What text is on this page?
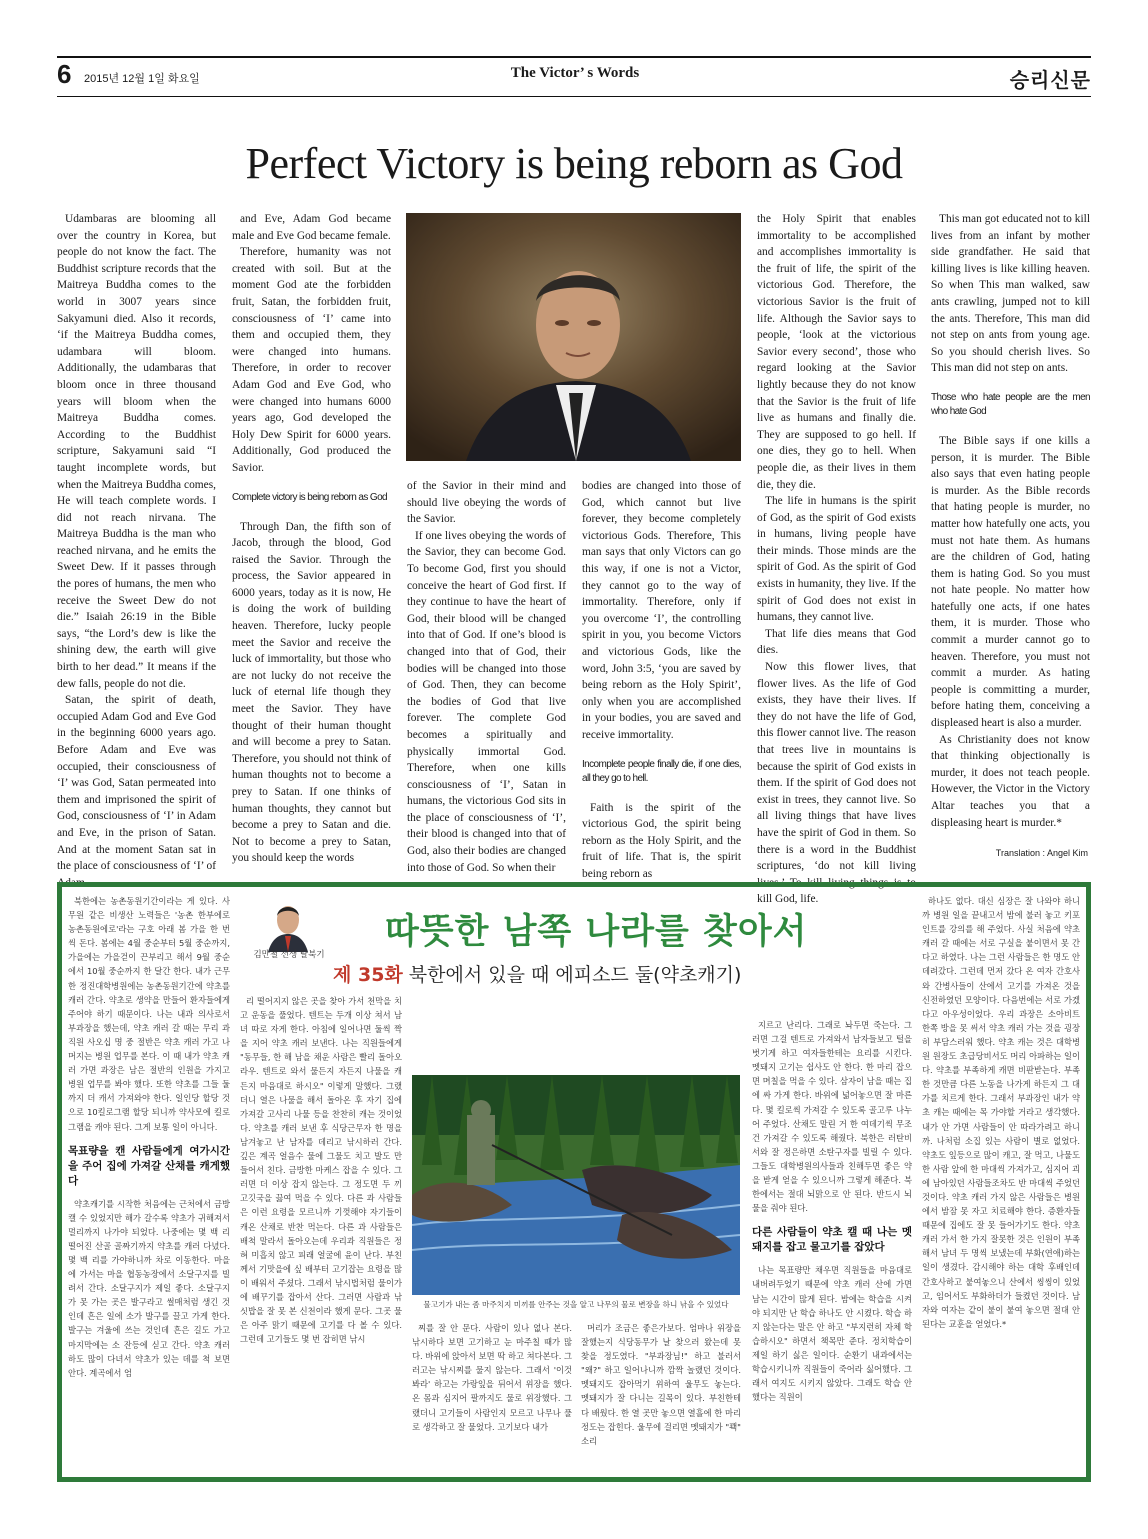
6 2015년 12월 1일 화요일	The Victor’ s Words	승리신문
Perfect Victory is being reborn as God

Udambaras are blooming all over the country in Korea, but people do not know the fact. The Buddhist scripture records that the Maitreya Buddha comes to the world in 3007 years since Sakyamuni died. Also it records, ‘if the Maitreya Buddha comes, udambara will bloom. Additionally, the udambaras that bloom once in three thousand years will bloom when the Maitreya Buddha comes. According to the Buddhist scripture, Sakyamuni said “I taught incomplete words, but when the Maitreya Buddha comes, He will teach complete words. I did not reach nirvana. The Maitreya Buddha is the man who reached nirvana, and he emits the Sweet Dew. If it passes through the pores of humans, the men who receive the Sweet Dew do not die.” Isaiah 26:19 in the Bible says, “the Lord’s dew is like the shining dew, the earth will give birth to her dead.” It means if the dew falls, people do not die.

Satan, the spirit of death, occupied Adam God and Eve God in the beginning 6000 years ago. Before Adam and Eve was occupied, their consciousness of ‘I’ was God, Satan permeated into them and imprisoned the spirit of God, consciousness of ‘I’ in Adam and Eve, in the prison of Satan. And at the moment Satan sat in the place of consciousness of ‘I’ of Adam

and Eve, Adam God became male and Eve God became female.

Therefore, humanity was not created with soil. But at the moment God ate the forbidden fruit, Satan, the forbidden fruit, consciousness of ‘I’ came into them and occupied them, they were changed into humans. Therefore, in order to recover Adam God and Eve God, who were changed into humans 6000 years ago, God developed the Holy Dew Spirit for 6000 years. Additionally, God produced the Savior.

Complete victory is being reborn as God

Through Dan, the fifth son of Jacob, through the blood, God raised the Savior. Through the process, the Savior appeared in 6000 years, today as it is now, He is doing the work of building heaven. Therefore, lucky people meet the Savior and receive the luck of immortality, but those who are not lucky do not receive the luck of eternal life though they meet the Savior. They have thought of their human thought and will become a prey to Satan. Therefore, you should not think of human thoughts not to become a prey to Satan. If one thinks of human thoughts, they cannot but become a prey to Satan and die. Not to become a prey to Satan, you should keep the words

of the Savior in their mind and should live obeying the words of the Savior.

If one lives obeying the words of the Savior, they can become God. To become God, first you should conceive the heart of God first. If they continue to have the heart of God, their blood will be changed into that of God. If one’s blood is changed into that of God, their bodies will be changed into those of God. Then, they can become the bodies of God that live forever. The complete God becomes a spiritually and physically immortal God. Therefore, when one kills consciousness of ‘I’, Satan in humans, the victorious God sits in the place of consciousness of ‘I’, their blood is changed into that of God, also their bodies are changed into those of God. So when their

bodies are changed into those of God, which cannot but live forever, they become completely victorious Gods. Therefore, This man says that only Victors can go this way, if one is not a Victor, they cannot go to the way of immortality. Therefore, only if you overcome ‘I’, the controlling spirit in you, you become Victors and victorious Gods, like the word, John 3:5, ‘you are saved by being reborn as the Holy Spirit’, only when you are accomplished in your bodies, you are saved and receive immortality.

Incomplete people finally die, if one dies, all they go to hell.

Faith is the spirit of the victorious God, the spirit being reborn as the Holy Spirit, and the fruit of life. That is, the spirit being reborn as

the Holy Spirit that enables immortality to be accomplished and accomplishes immortality is the fruit of life, the spirit of the victorious God. Therefore, the victorious Savior is the fruit of life. Although the Savior says to people, ‘look at the victorious Savior every second’, those who regard looking at the Savior lightly because they do not know that the Savior is the fruit of life live as humans and finally die. They are supposed to go hell. If one dies, they go to hell. When people die, as their lives in them die, they die.

The life in humans is the spirit of God, as the spirit of God exists in humans, living people have their minds. Those minds are the spirit of God. As the spirit of God exists in humanity, they live. If the spirit of God does not exist in humans, they cannot live.

That life dies means that God dies.

Now this flower lives, that flower lives. As the life of God exists, they have their lives. If they do not have the life of God, this flower cannot live. The reason that trees live in mountains is because the spirit of God exists in them. If the spirit of God does not exist in trees, they cannot live. So all living things that have lives have the spirit of God in them. So there is a word in the Buddhist scriptures, ‘do not kill living lives.’ To kill living things is to kill God, life.

This man got educated not to kill lives from an infant by mother side grandfather. He said that killing lives is like killing heaven. So when This man walked, saw ants crawling, jumped not to kill the ants. Therefore, This man did not step on ants from young age. So you should cherish lives. So This man did not step on ants.

Those who hate people are the men who hate God

The Bible says if one kills a person, it is murder. The Bible also says that even hating people is murder. As the Bible records that hating people is murder, no matter how hatefully one acts, you must not hate them. As humans are the children of God, hating them is hating God. So you must not hate people. No matter how hatefully one acts, if one hates them, it is murder. Those who commit a murder cannot go to heaven. Therefore, you must not commit a murder. As hating people is committing a murder, before hating them, conceiving a displeased heart is also a murder.

As Christianity does not know that thinking objectionally is murder, it does not teach people. However, the Victor in the Victory Altar teaches you that a displeasing heart is murder.*

Translation : Angel Kim
김만철 선생 탈북기
따뜻한 남쪽 나라를 찾아서
제 35화 북한에서 있을 때 에피소드 둘(약초캐기)

북한에는 농촌동원기간이라는 게 있다. 사무원 같은 비생산 노력들은 '농촌 한부에로 농촌동원에로'라는 구호 아래 봄 가을 한 번씩 돈다. 봄에는 4월 중순부터 5월 중순까지, 가을에는 가을걷이 끈부리고 해서 9월 중순에서 10월 중순까지 한 달간 한다. 내가 근무한 정진대학병원에는 농촌동원기간에 약초를 캐러 간다. 약초로 생약을 만들어 환자들에게 주어야 하기 때문이다. 나는 내과 의사로서 부과장을 했는데, 약초 캐러 갈 때는 무리 과 직원 사오십 명 중 절반은 약초 캐러 가고 나머지는 병원 업무를 본다. 이 때 내가 약초 캐러 가면 과장은 남은 절반의 인원을 가지고 병원 업무를 봐야 했다. 또한 약초를 그들 둘까지 더 캐서 가져와야 한다. 일인당 할당 것으로 10킬로그램 할당 되니까 약사모에 킬로그램을 캐야 된다. 그게 보통 일이 아니다.

목표량을 캔 사람들에게 여가시간을 주어 집에 가져갈 산채를 캐게했다

약초캐기를 시작한 처음에는 근처에서 금방 캘 수 있었지만 해가 갈수록 약초가 귀해져서 멀리까지 나가야 되었다. 나중에는 몇 백 리 떨어진 산골 골짜기까지 약초를 캐러 다녔다. 몇 백 리를 가야하니까 차로 이동한다. 마을에 가서는 마을 협동농장에서 소달구지를 빌려서 간다. 소달구지가 제일 좋다. 소달구지가 못 가는 곳은 발구라고 썰매처럼 생긴 것인데 흔은 일에 소가 발구를 끌고 가게 한다. 발구는 겨울에 쓰는 것인데 흔은 길도 가고 마지막에는 소 잔등에 싣고 간다. 약초 캐러 하도 많이 다녀서 약초가 있는 데를 척 보면 안다. 계곡에서 엄

리 떨어지지 않은 곳을 찾아 가서 천막을 치고 운동을 풀었다. 텐트는 두개 이상 쳐서 남녀 따로 자게 한다. 아침에 일어나면 둘씩 짝을 지어 약초 캐러 보낸다. 나는 직원들에게 "동무들, 한 해 남을 채운 사람은 빨리 돌아오라우. 텐트로 와서 물든지 자든지 나물을 캐든지 마음대로 하시오" 이렇게 말했다. 그랬더니 열은 나물을 해서 돌아온 후 자기 집에 가져갈 고사리 나물 등을 찬찬히 캐는 것이었다. 약초를 캐러 보낸 후 식당근무자 한 명을 남겨놓고 난 남자를 데리고 낚시하러 간다. 깊은 계곡 얼음수 물에 그물도 치고 발도 만들어서 친다. 금방한 마케스 잡을 수 있다. 그러면 더 이상 잡지 않는다. 그 정도면 두 끼 고깃국을 끓여 먹을 수 있다. 다른 과 사람들은 이런 요령을 모르니까 기껏해야 자기들이 캐온 산채로 반찬 먹는다. 다른 과 사람들은 배척 말라서 돌아오는데 우리과 직원들은 정혀 미흡치 않고 피래 얼굴에 윤이 난다. 부친께서 기맛을에 싶 배부터 고기잡는 요령을 많이 배워서 주셨다. 그래서 낚시법처럼 물이가에 배꾸기를 잡아서 산다. 그러면 사람과 낚싯밥을 잘 못 본 신천이라 했게 문다. 그곳 물은 아주 맑기 때문에 고기를 다 볼 수 있다. 그런데 고기들도 몇 번 잡히면 낚시

물고기가 내는 좀 마주치지 미끼를 안주는 것을 알고 나무의 물로 변장을 하니 낚을 수 있었다

찌를 잘 안 문다. 사람이 있나 없나 본다. 낚시하다 보면 고기하고 눈 마주칠 때가 많다. 바위에 앉아서 보면 딱 하고 쳐다본다. 그러고는 낚시찌를 물지 않는다. 그래서 '이것 봐라' 하고는 가랑잎을 뒤어서 위장을 했다. 온 몸과 심지어 팔까지도 물로 위장했다. 그랬더니 고기들이 사람인지 모르고 나무나 풀로 생각하고 잘 물었다. 고기보다 내가

머리가 조금은 좋은가보다. 엄마나 위장을 잘했는지 식당동무가 날 찾으러 왔는데 못 찾을 정도였다. "부과장님!" 하고 불러서 "왜?" 하고 일어나니까 깜짝 놀랬던 것이다. 멧돼지도 잡아먹기 위하여 울무도 놓는다. 멧돼지가 잘 다니는 길목이 있다. 부친한테 다 배웠다. 한 열 곳만 놓으면 열흘에 한 마리 정도는 잡힌다. 울무에 걸리면 멧돼지가 "꽥" 소리

지르고 난리다. 그래로 놔두면 죽는다. 그러면 그걸 텐트로 가져와서 남자들보고 털을 벗기게 하고 여자들한테는 요리를 시킨다. 멧돼지 고기는 쉽사도 안 한다. 한 마리 잡으면 며칠을 먹을 수 있다. 삼자이 남을 때는 집에 싸 가게 한다. 바위에 넓어놓으면 잘 마른다. 몇 킬로씩 가져갈 수 있도록 골고루 나누어 주었다. 산채도 말린 거 한 여데기씩 무조건 가져갈 수 있도록 해줬다. 북한은 러탄비서와 잘 정은하면 소탄구자를 빌릴 수 있다. 그들도 대학병원의사들과 친해두면 좋은 약을 받게 얻을 수 있으니까 그렇게 해준다. 북한에서는 절대 뇌맑으로 안 된다. 반드시 뇌물을 줘야 된다.

다른 사람들이 약초 캘 때 나는 멧돼지를 잡고 물고기를 잡았다

나는 목표량만 채우면 직원들을 마음대로 내버려두었기 때문에 약초 캐러 산에 가면 남는 시간이 많게 된다. 밤에는 학습을 시켜야 되지만 난 학습 하나도 안 시켰다. 학습 하지 않는다는 말은 안 하고 "부지런히 자체 학습하시오" 하면서 책목만 준다. 정치학습이 제일 하기 싫은 일이다. 순환기 내과에서는 학습시키니까 직원들이 죽어라 싫어했다. 그래서 여지도 시키지 않았다. 그래도 학습 안했다는 직원이

하나도 없다. 대신 심장은 잘 나와야 하니까 병원 일을 끝내고서 밤에 불러 놓고 키포인트를 강의를 해 주었다. 사실 처음에 약초 캐러 갈 때에는 서로 구실을 붙이면서 못 간다고 하였다. 나는 그런 사람들은 한 명도 안 데려갔다. 그런데 먼저 갔다 온 여자 간호사와 간병사들이 산에서 고기를 가져온 것을 신전하였던 모양이다. 다음번에는 서로 가겠다고 아우성이었다. 우리 과장은 소아비트 한쪽 방을 못 써서 약초 캐러 가는 것을 굉장히 부담스러워 했다. 약초 캐는 것은 대학병원 원장도 초급당비서도 머리 아파하는 일이다. 약초를 부족하게 캐면 비판받는다. 부족한 것만큼 다른 노동을 나가게 하든지 그 대가를 치르게 한다. 그래서 부과장인 내가 약초 캐는 때에는 목 가야할 거라고 생각했다. 내가 안 가면 사람들이 안 따라가려고 하니까. 나처럼 소집 있는 사람이 별로 없었다. 약초도 잎등으로 많이 캐고, 잘 먹고, 나물도 한 사람 앞에 한 마대씩 가져가고, 심지어 괴에 남아있던 사람들조차도 반 마대씩 주었던 것이다. 약초 캐러 가지 않은 사람들은 병원에서 밤잠 못 자고 치료해야 한다. 증환자들 때문에 집에도 잘 못 들어가기도 한다. 약초 캐러 가서 한 가지 잘못한 것은 인원이 부족해서 남녀 두 명씩 보냈는데 부화(연애)하는 일이 생겼다. 감시해야 하는 대학 후배인데 간호사하고 붙여놓으니 산에서 씽씽이 있었고, 임어서도 부화하더가 들켰던 것이다. 남자와 여자는 같이 붙이 붙여 놓으면 절대 안 된다는 교훈을 얻었다.*
